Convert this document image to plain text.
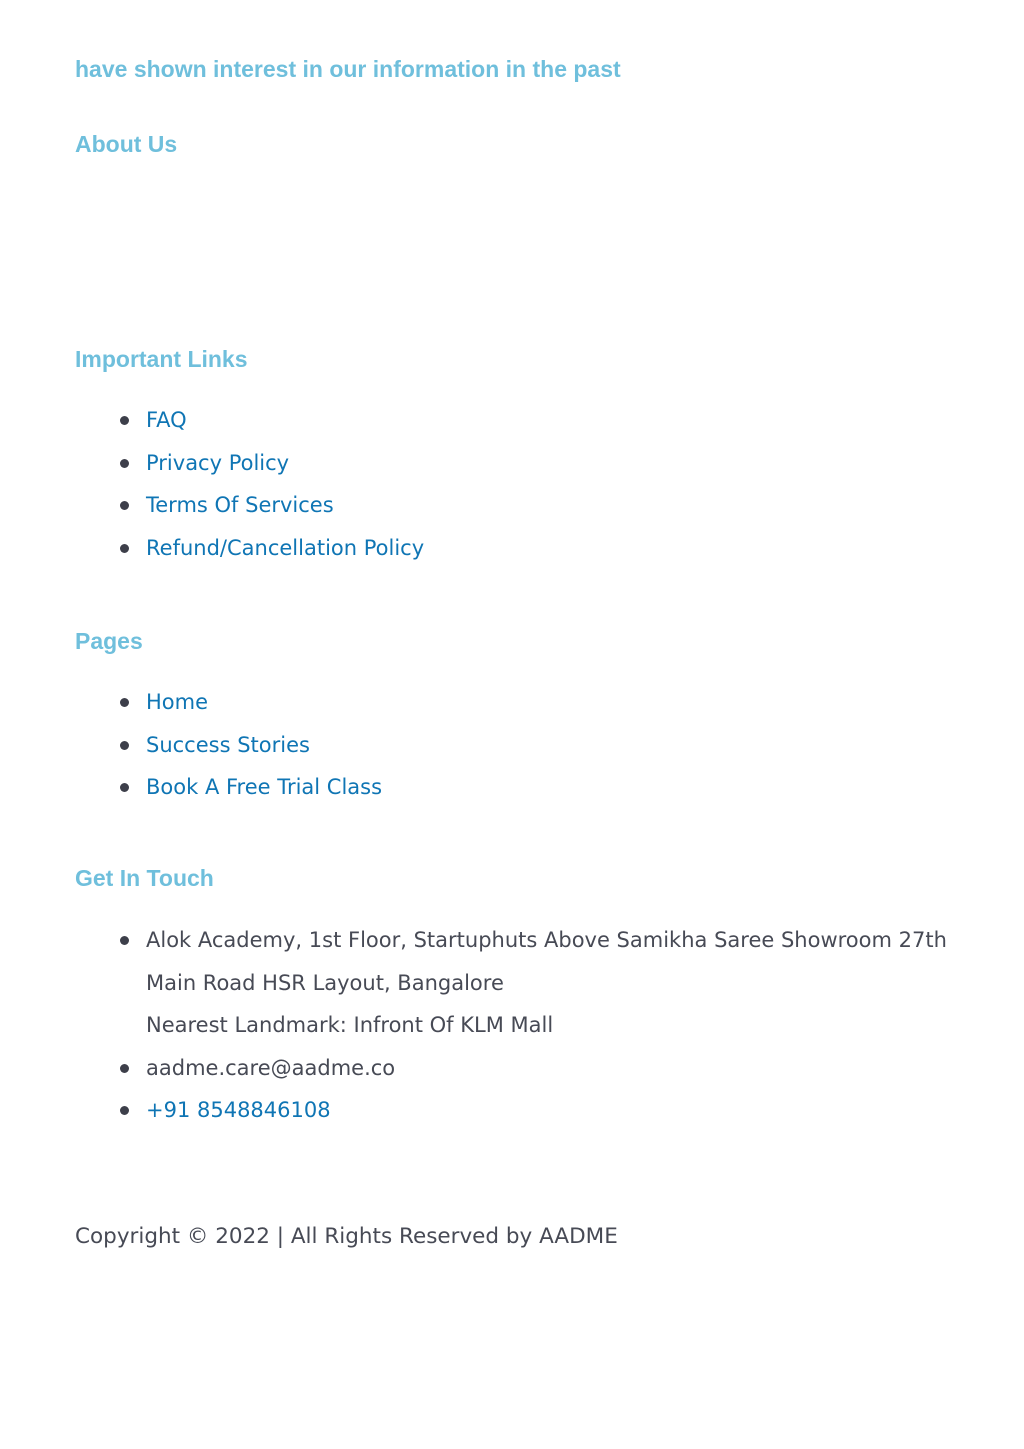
have shown interest in our information in the past

About Us
Important Links
FAQ
Privacy Policy
Terms Of Services
Refund/Cancellation Policy
Pages
Home
Success Stories
Book A Free Trial Class
Get In Touch
Alok Academy, 1st Floor, Startuphuts Above Samikha Saree Showroom 27th
Main Road HSR Layout, Bangalore
Nearest Landmark: Infront Of KLM Mall
aadme.care@aadme.co
+91 8548846108

Copyright © 2022 | All Rights Reserved by AADME
